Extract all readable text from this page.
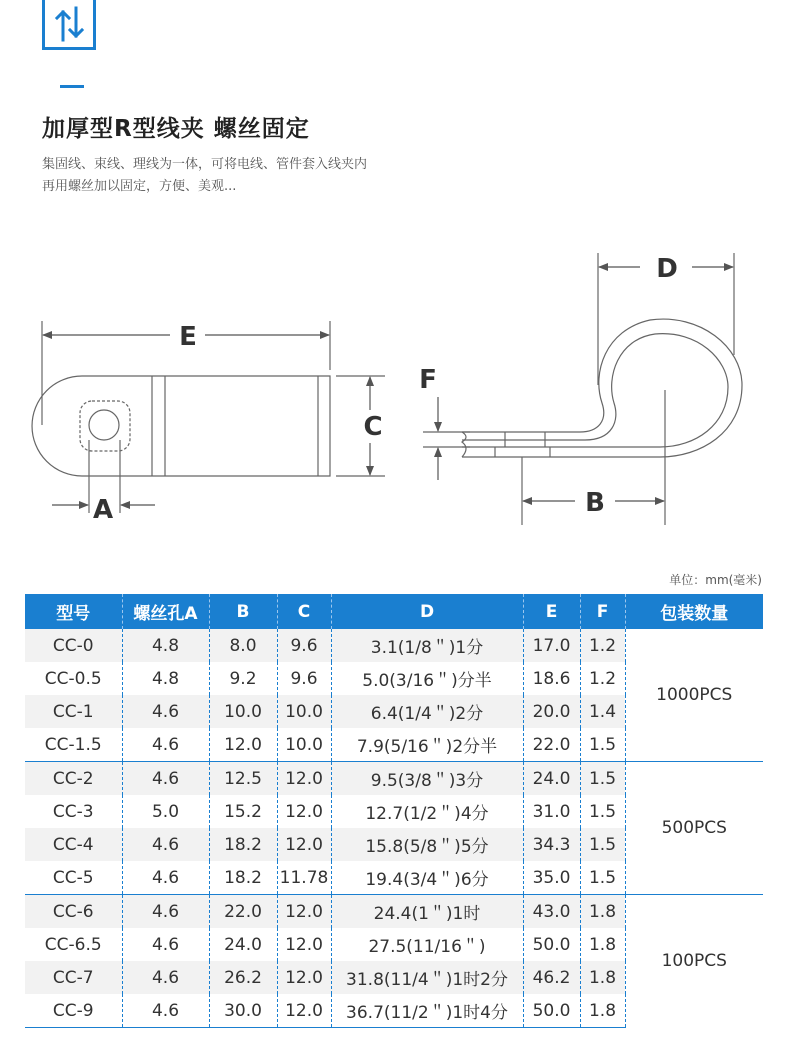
加厚型R型线夹 螺丝固定
集固线、束线、理线为一体，可将电线、管件套入线夹内
再用螺丝加以固定，方便、美观...
E
C
A
F
D
B
单位：mm(毫米)
型号	螺丝孔A	B	C	D	E	F	包装数量
CC-0	4.8	8.0	9.6	3.1(1/8＂)1分	17.0	1.2	1000PCS
CC-0.5	4.8	9.2	9.6	5.0(3/16＂)分半	18.6	1.2	
CC-1	4.6	10.0	10.0	6.4(1/4＂)2分	20.0	1.4	
CC-1.5	4.6	12.0	10.0	7.9(5/16＂)2分半	22.0	1.5	
CC-2	4.6	12.5	12.0	9.5(3/8＂)3分	24.0	1.5	500PCS
CC-3	5.0	15.2	12.0	12.7(1/2＂)4分	31.0	1.5	
CC-4	4.6	18.2	12.0	15.8(5/8＂)5分	34.3	1.5	
CC-5	4.6	18.2	11.78	19.4(3/4＂)6分	35.0	1.5	
CC-6	4.6	22.0	12.0	24.4(1＂)1时	43.0	1.8	100PCS
CC-6.5	4.6	24.0	12.0	27.5(11/16＂)	50.0	1.8	
CC-7	4.6	26.2	12.0	31.8(11/4＂)1时2分	46.2	1.8	
CC-9	4.6	30.0	12.0	36.7(11/2＂)1时4分	50.0	1.8	
